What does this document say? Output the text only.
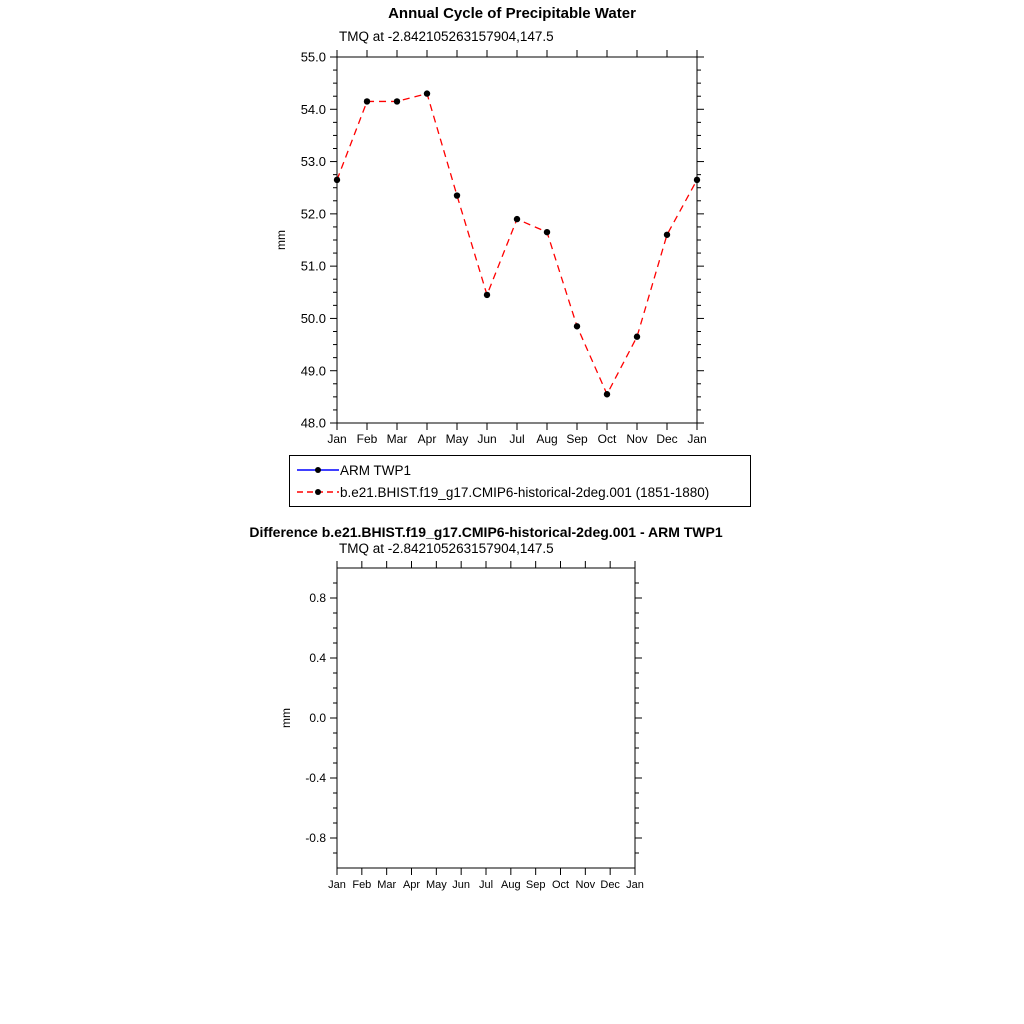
48.0
49.0
50.0
51.0
52.0
53.0
54.0
55.0
Jan Feb Mar Apr May Jun Jul Aug Sep Oct Nov Dec Jan
mm
-0.8
-0.4
0.0
0.4
0.8
Jan Feb Mar Apr May Jun Jul Aug Sep Oct Nov Dec Jan
mm
Annual Cycle of Precipitable Water
TMQ at -2.842105263157904,147.5
ARM TWP1
b.e21.BHIST.f19_g17.CMIP6-historical-2deg.001 (1851-1880)
Difference b.e21.BHIST.f19_g17.CMIP6-historical-2deg.001 - ARM TWP1
TMQ at -2.842105263157904,147.5
